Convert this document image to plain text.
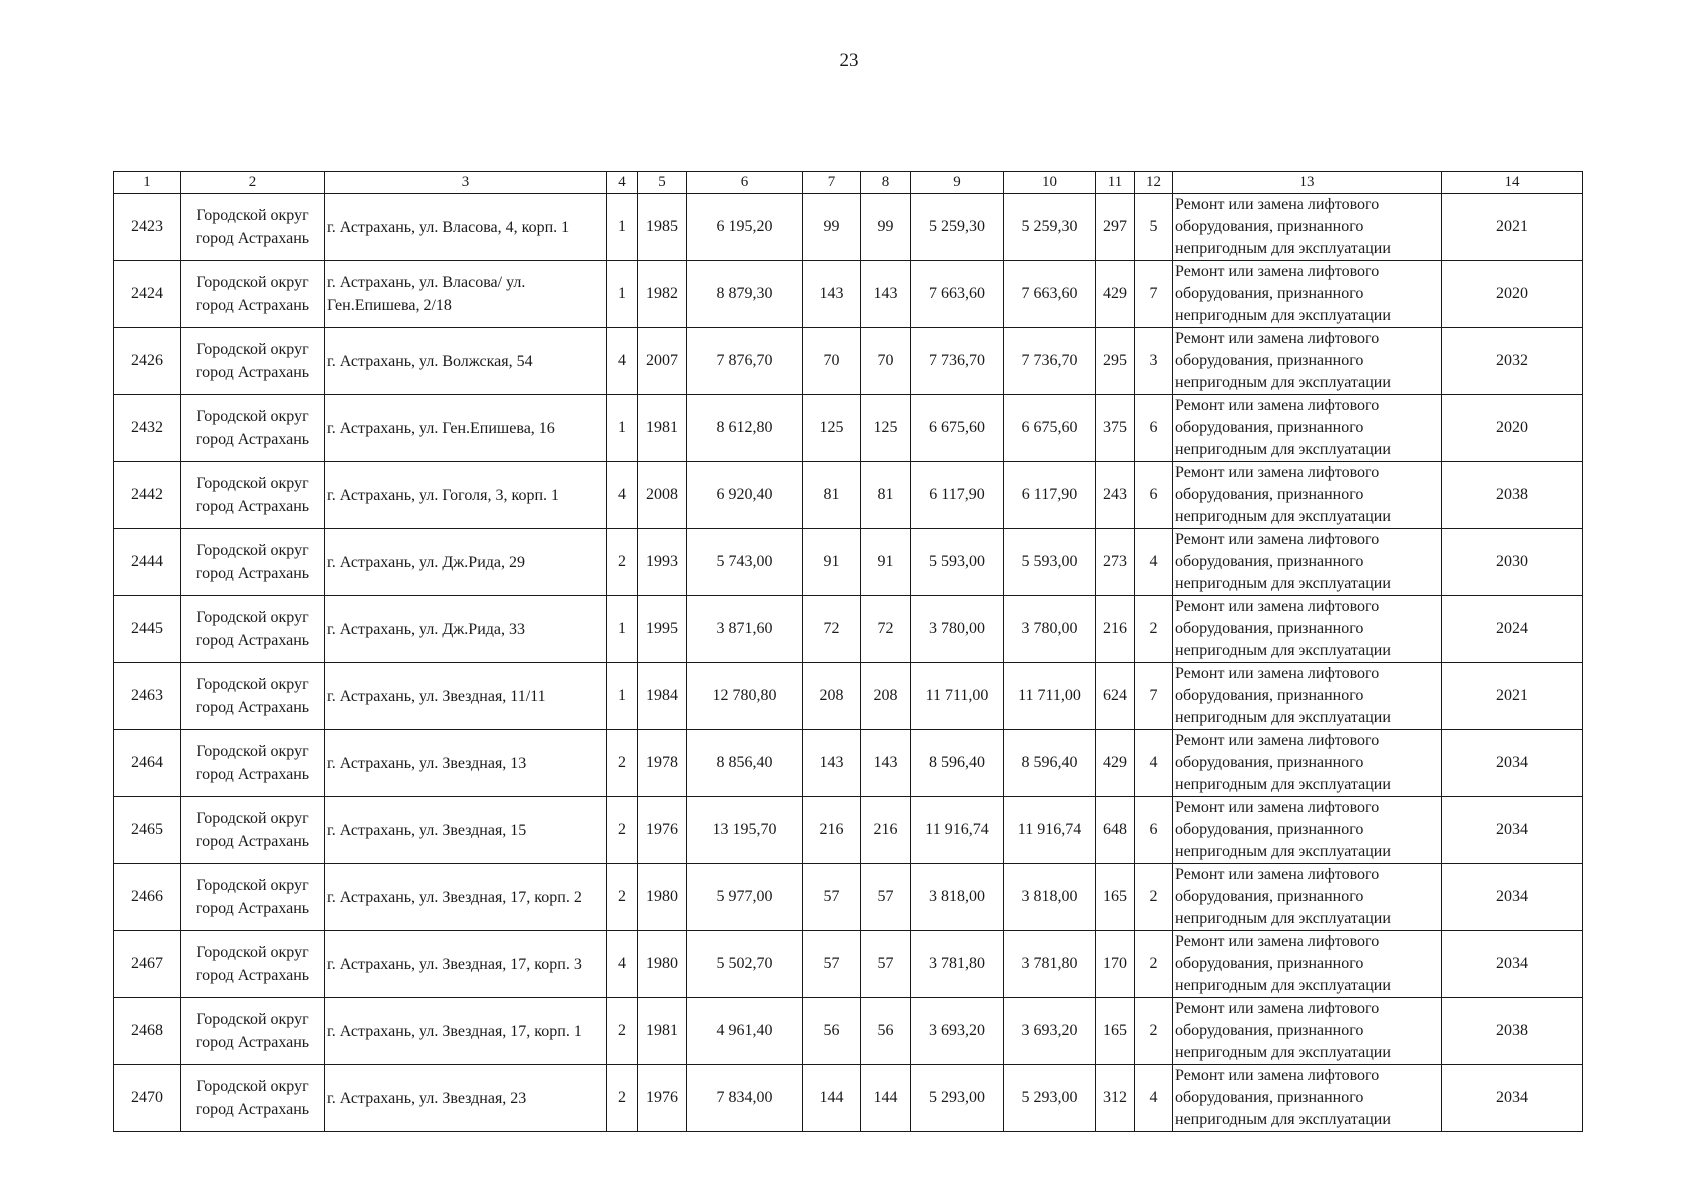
23
1	2	3	4	5	6	7	8	9	10	11	12	13	14
2423	Городской округ город Астрахань	г. Астрахань, ул. Власова, 4, корп. 1	1	1985	6 195,20	99	99	5 259,30	5 259,30	297	5	Ремонт или замена лифтового оборудования, признанного непригодным для эксплуатации	2021
2424	Городской округ город Астрахань	г. Астрахань, ул. Власова/ ул. Ген.Епишева, 2/18	1	1982	8 879,30	143	143	7 663,60	7 663,60	429	7	Ремонт или замена лифтового оборудования, признанного непригодным для эксплуатации	2020
2426	Городской округ город Астрахань	г. Астрахань, ул. Волжская, 54	4	2007	7 876,70	70	70	7 736,70	7 736,70	295	3	Ремонт или замена лифтового оборудования, признанного непригодным для эксплуатации	2032
2432	Городской округ город Астрахань	г. Астрахань, ул. Ген.Епишева, 16	1	1981	8 612,80	125	125	6 675,60	6 675,60	375	6	Ремонт или замена лифтового оборудования, признанного непригодным для эксплуатации	2020
2442	Городской округ город Астрахань	г. Астрахань, ул. Гоголя, 3, корп. 1	4	2008	6 920,40	81	81	6 117,90	6 117,90	243	6	Ремонт или замена лифтового оборудования, признанного непригодным для эксплуатации	2038
2444	Городской округ город Астрахань	г. Астрахань, ул. Дж.Рида, 29	2	1993	5 743,00	91	91	5 593,00	5 593,00	273	4	Ремонт или замена лифтового оборудования, признанного непригодным для эксплуатации	2030
2445	Городской округ город Астрахань	г. Астрахань, ул. Дж.Рида, 33	1	1995	3 871,60	72	72	3 780,00	3 780,00	216	2	Ремонт или замена лифтового оборудования, признанного непригодным для эксплуатации	2024
2463	Городской округ город Астрахань	г. Астрахань, ул. Звездная, 11/11	1	1984	12 780,80	208	208	11 711,00	11 711,00	624	7	Ремонт или замена лифтового оборудования, признанного непригодным для эксплуатации	2021
2464	Городской округ город Астрахань	г. Астрахань, ул. Звездная, 13	2	1978	8 856,40	143	143	8 596,40	8 596,40	429	4	Ремонт или замена лифтового оборудования, признанного непригодным для эксплуатации	2034
2465	Городской округ город Астрахань	г. Астрахань, ул. Звездная, 15	2	1976	13 195,70	216	216	11 916,74	11 916,74	648	6	Ремонт или замена лифтового оборудования, признанного непригодным для эксплуатации	2034
2466	Городской округ город Астрахань	г. Астрахань, ул. Звездная, 17, корп. 2	2	1980	5 977,00	57	57	3 818,00	3 818,00	165	2	Ремонт или замена лифтового оборудования, признанного непригодным для эксплуатации	2034
2467	Городской округ город Астрахань	г. Астрахань, ул. Звездная, 17, корп. 3	4	1980	5 502,70	57	57	3 781,80	3 781,80	170	2	Ремонт или замена лифтового оборудования, признанного непригодным для эксплуатации	2034
2468	Городской округ город Астрахань	г. Астрахань, ул. Звездная, 17, корп. 1	2	1981	4 961,40	56	56	3 693,20	3 693,20	165	2	Ремонт или замена лифтового оборудования, признанного непригодным для эксплуатации	2038
2470	Городской округ город Астрахань	г. Астрахань, ул. Звездная, 23	2	1976	7 834,00	144	144	5 293,00	5 293,00	312	4	Ремонт или замена лифтового оборудования, признанного непригодным для эксплуатации	2034
